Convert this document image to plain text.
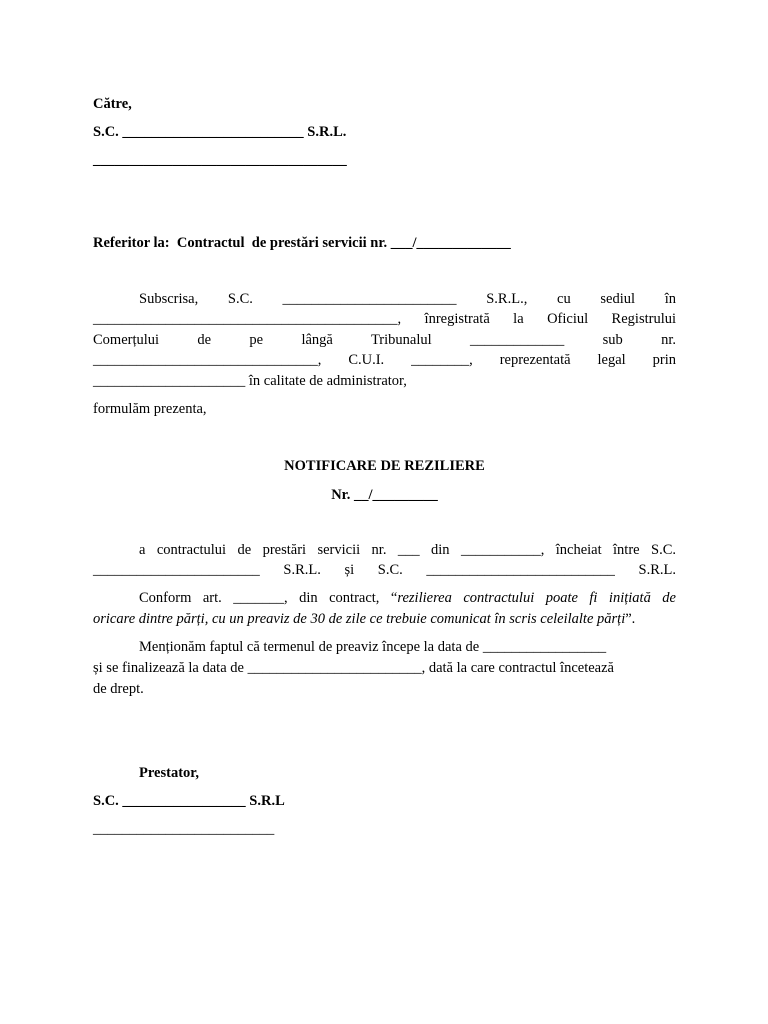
Către,
S.C. _________________________ S.R.L.
___________________________________
Referitor la:  Contractul  de prestări servicii nr. ___/_____________
Subscrisa,  S.C.  ________________________  S.R.L.,  cu  sediul  în
__________________________________________, înregistrată la Oficiul Registrului
Comerțului de pe lângă Tribunalul _____________ sub nr.
_______________________________, C.U.I. ________, reprezentată legal prin
_____________________ în calitate de administrator,
formulăm prezenta,
NOTIFICARE DE REZILIERE
Nr. __/_________
a contractului de prestări servicii nr. ___ din ___________, încheiat între S.C.
_______________________ S.R.L. și S.C. __________________________ S.R.L.
Conform art. _______, din contract, “rezilierea contractului poate fi inițiată de
oricare dintre părți, cu un preaviz de 30 de zile ce trebuie comunicat în scris celeilalte părți”.
Menționăm faptul că termenul de preaviz începe la data de _________________
și se finalizează la data de ________________________, dată la care contractul încetează
de drept.
Prestator,
S.C. _________________ S.R.L
_________________________
